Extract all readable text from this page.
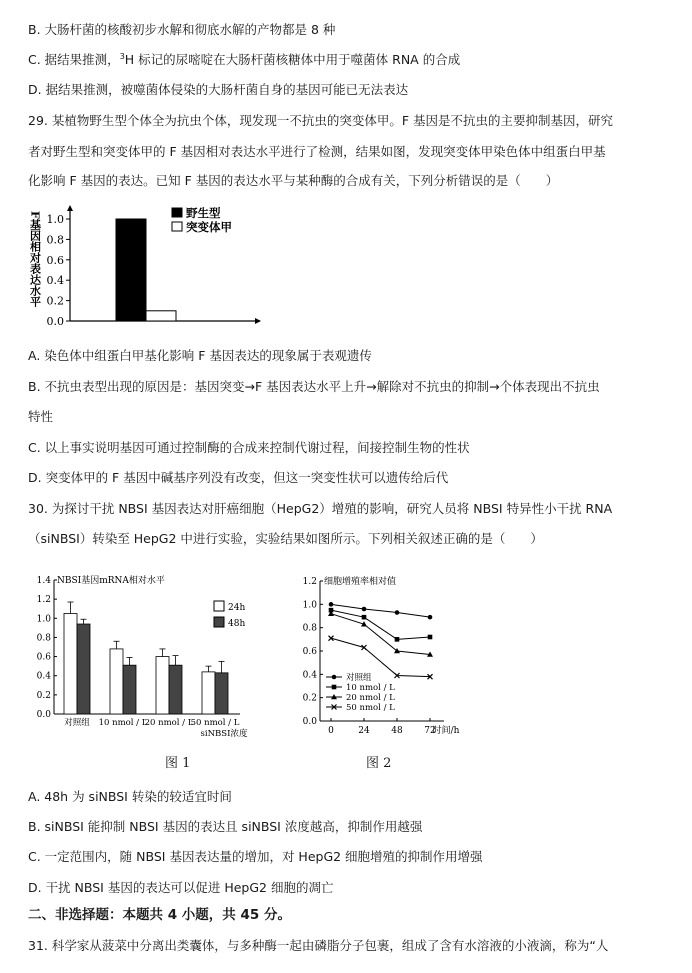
B. 大肠杆菌的核酸初步水解和彻底水解的产物都是 8 种
C. 据结果推测，$^3$H 标记的尿嘧啶在大肠杆菌核糖体中用于噬菌体 RNA 的合成
D. 据结果推测，被噬菌体侵染的大肠杆菌自身的基因可能已无法表达
29. 某植物野生型个体全为抗虫个体，现发现一不抗虫的突变体甲。F 基因是不抗虫的主要抑制基因，研究
者对野生型和突变体甲的 F 基因相对表达水平进行了检测，结果如图，发现突变体甲染色体中组蛋白甲基
化影响 F 基因的表达。已知 F 基因的表达水平与某种酶的合成有关，下列分析错误的是（　　）
A. 染色体中组蛋白甲基化影响 F 基因表达的现象属于表观遗传
B. 不抗虫表型出现的原因是：基因突变→F 基因表达水平上升→解除对不抗虫的抑制→个体表现出不抗虫
特性
C. 以上事实说明基因可通过控制酶的合成来控制代谢过程，间接控制生物的性状
D. 突变体甲的 F 基因中碱基序列没有改变，但这一突变性状可以遗传给后代
30. 为探讨干扰 NBSI 基因表达对肝癌细胞（HepG2）增殖的影响，研究人员将 NBSI 特异性小干扰 RNA
（siNBSI）转染至 HepG2 中进行实验，实验结果如图所示。下列相关叙述正确的是（　　）
A. 48h 为 siNBSI 转染的较适宜时间
B. siNBSI 能抑制 NBSI 基因的表达且 siNBSI 浓度越高，抑制作用越强
C. 一定范围内，随 NBSI 基因表达量的增加，对 HepG2 细胞增殖的抑制作用增强
D. 干扰 NBSI 基因的表达可以促进 HepG2 细胞的凋亡
二、非选择题：本题共 4 小题，共 45 分。
31. 科学家从菠菜中分离出类囊体，与多种酶一起由磷脂分子包裹，组成了含有水溶液的小液滴，称为“人
F基因相对表达水平
0.0
0.2
0.4
0.6
0.8
1.0	野生型
突变体甲
0.0
0.2
0.4
0.6
0.8
1.0
1.2
1.4 NBSI基因mRNA相对水平
对照组 10 nmol / L
20 nmol / L
50 nmol / L
siNBSI浓度
24h
48h
图 1
0.0
0.2
0.4
0.6
0.8
1.0
1.2
0	24 48 72
时间/h
细胞增殖率相对值
对照组
10 nmol / L
20 nmol / L
50 nmol / L
图 2
